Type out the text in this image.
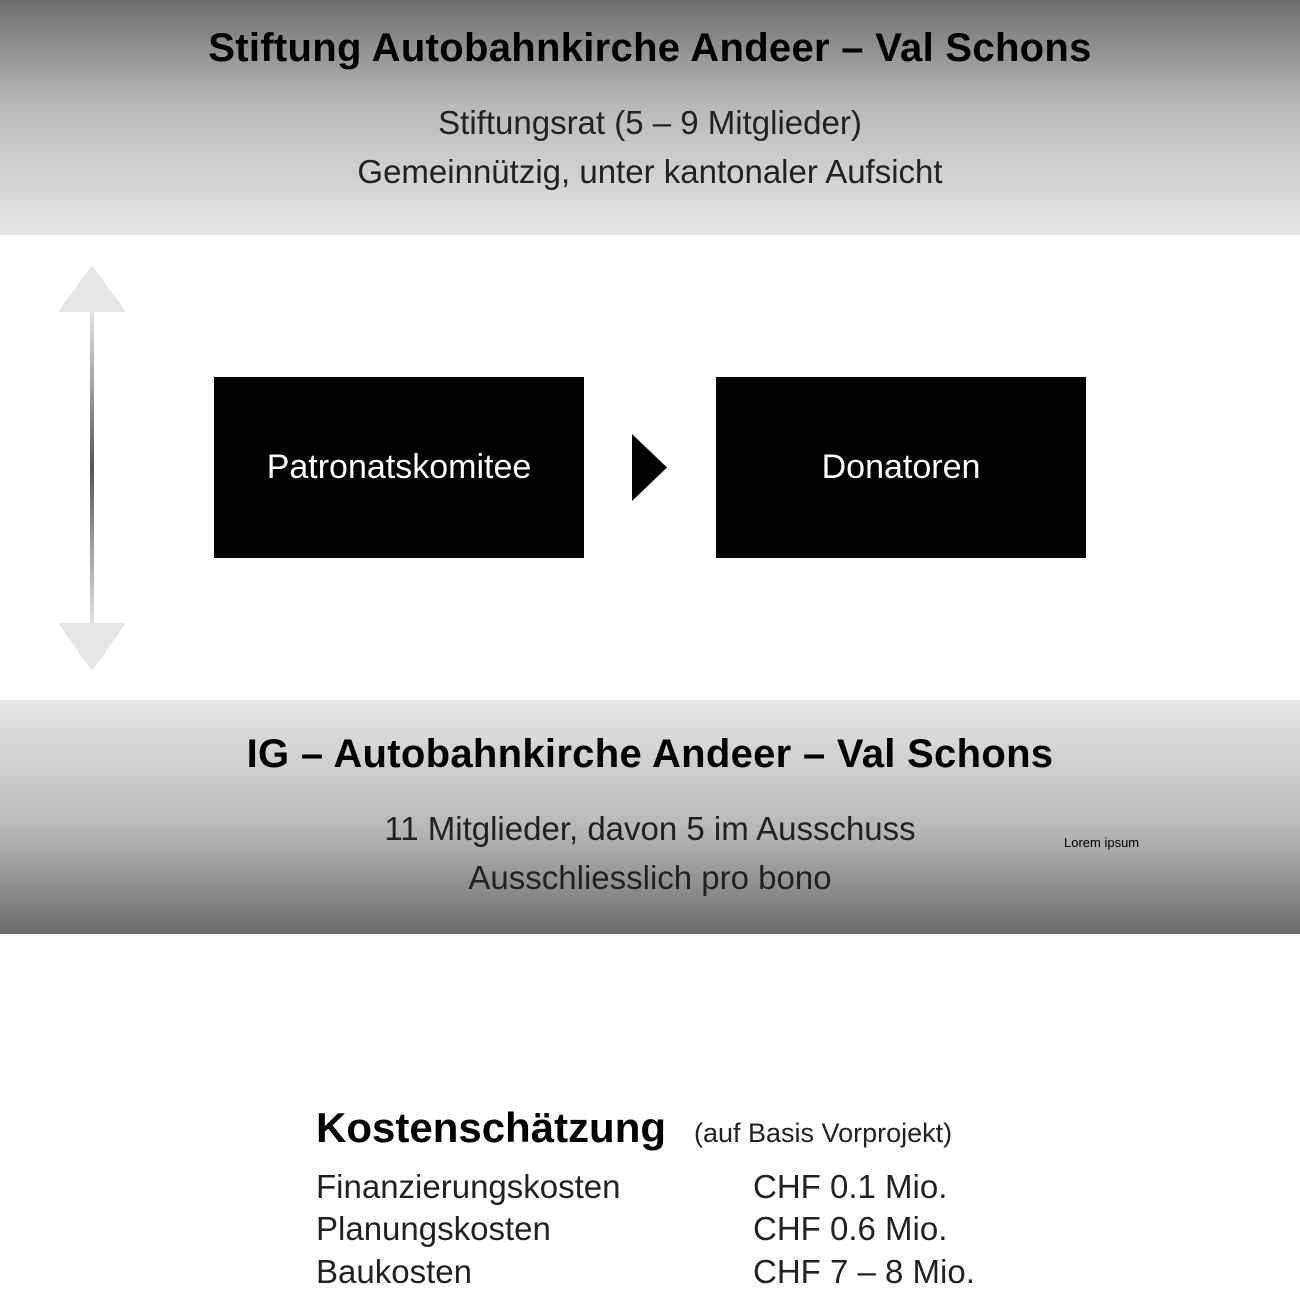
Stiftung Autobahnkirche Andeer – Val Schons
Stiftungsrat (5 – 9 Mitglieder)
Gemeinnützig, unter kantonaler Aufsicht
Patronatskomitee	Donatoren
IG – Autobahnkirche Andeer – Val Schons
11 Mitglieder, davon 5 im Ausschuss
Ausschliesslich pro bono
Lorem ipsum
Kostenschätzung (auf Basis Vorprojekt)
Finanzierungskosten	CHF 0.1 Mio.
Planungskosten	CHF 0.6 Mio.
Baukosten	CHF 7 – 8 Mio.
